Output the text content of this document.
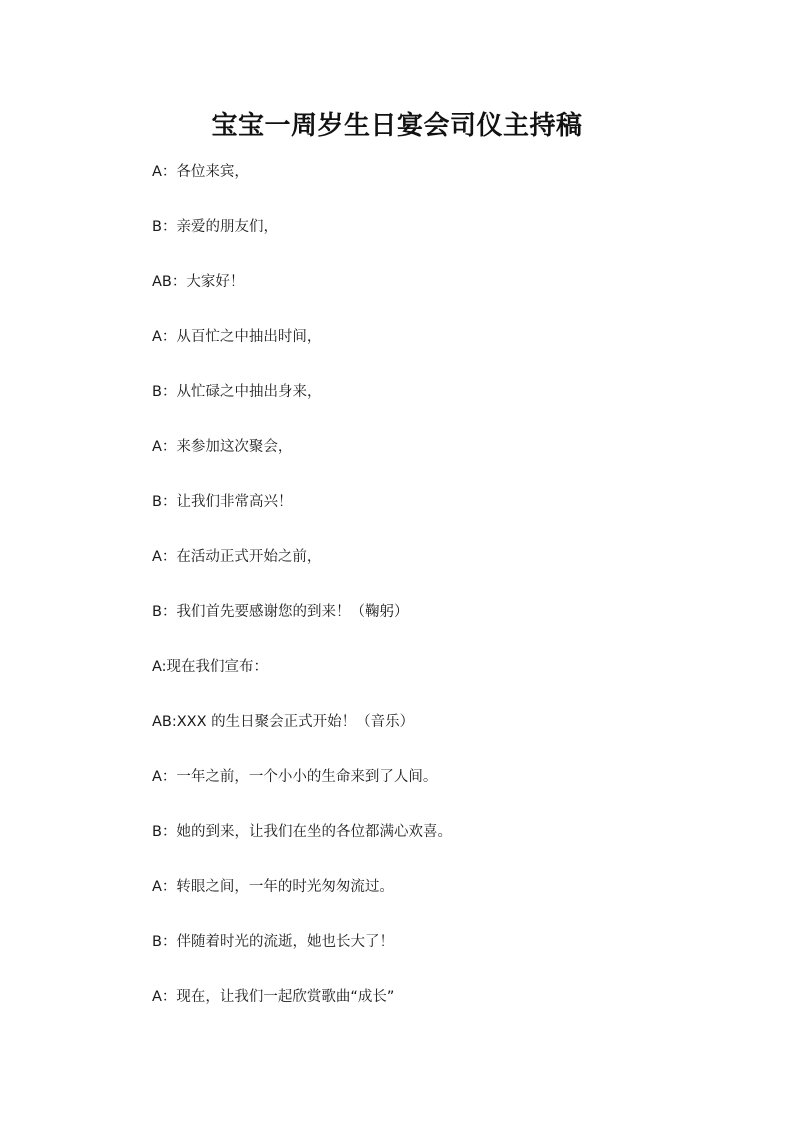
宝宝一周岁生日宴会司仪主持稿
A：各位来宾，
B：亲爱的朋友们，
AB：大家好！
A：从百忙之中抽出时间，
B：从忙碌之中抽出身来，
A：来参加这次聚会，
B：让我们非常高兴！
A：在活动正式开始之前，
B：我们首先要感谢您的到来！（鞠躬）
A:现在我们宣布：
AB:XXX 的生日聚会正式开始！（音乐）
A：一年之前，一个小小的生命来到了人间。
B：她的到来，让我们在坐的各位都满心欢喜。
A：转眼之间，一年的时光匆匆流过。
B：伴随着时光的流逝，她也长大了！
A：现在，让我们一起欣赏歌曲“成长”
